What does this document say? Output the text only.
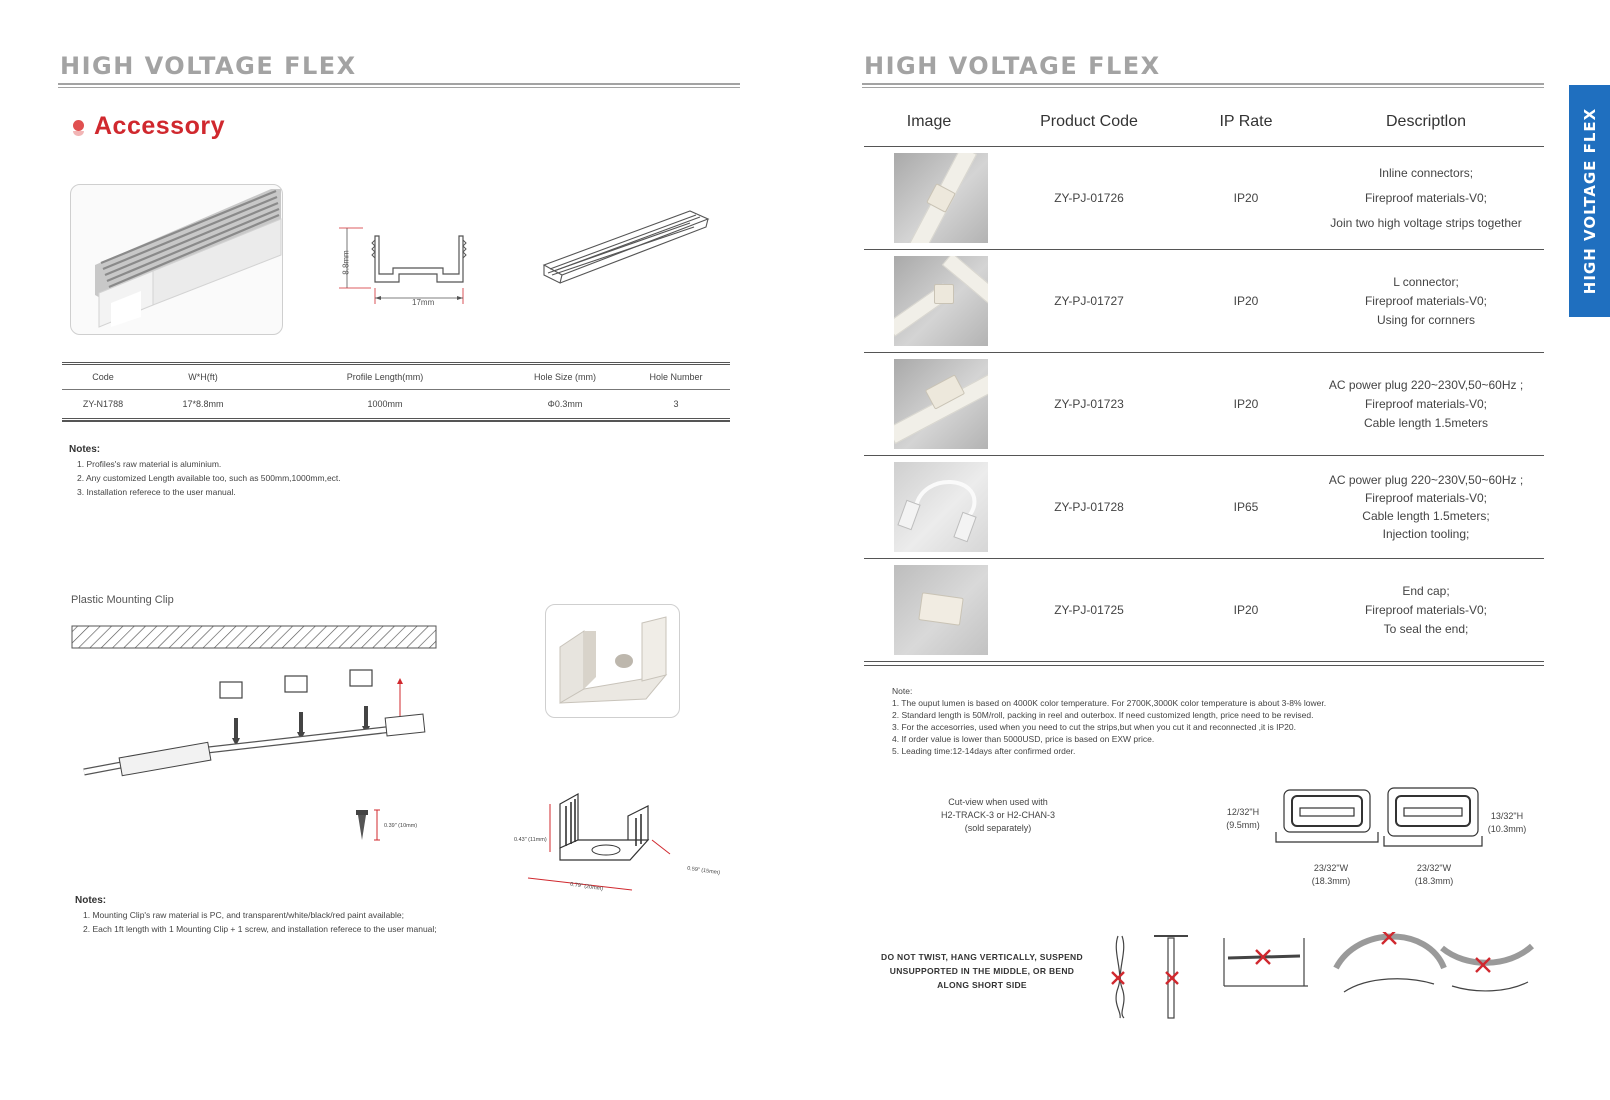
HIGH VOLTAGE FLEX
Accessory
8.8mm
17mm
Code	W*H(ft)	Profile Length(mm)	Hole Size (mm)	Hole Number
ZY-N1788	17*8.8mm	1000mm	Φ0.3mm	3
Notes:
1. Profiles's raw material is aluminium.
2. Any customized Length available too, such as 500mm,1000mm,ect.
3. Installation referece to the user manual.
Plastic Mounting Clip
0.39" (10mm)
0.43" (11mm)
0.79" (20mm)
0.59" (15mm)
Notes:
1. Mounting Clip's raw material is PC, and transparent/white/black/red paint available;
2. Each 1ft length with 1 Mounting Clip + 1 screw, and installation referece to the user manual;
HIGH VOLTAGE FLEX
HIGH VOLTAGE FLEX
Image	Product Code	IP Rate	Descriptlon
ZY-PJ-01726	IP20
Inline connectors;
Fireproof materials-V0;
Join two high voltage strips together
ZY-PJ-01727	IP20
L connector;
Fireproof materials-V0;
Using for cornners
ZY-PJ-01723	IP20
AC power plug 220~230V,50~60Hz ;
Fireproof materials-V0;
Cable length 1.5meters
ZY-PJ-01728	IP65
AC power plug 220~230V,50~60Hz ;
Fireproof materials-V0;
Cable length 1.5meters;
Injection tooling;
ZY-PJ-01725	IP20
End cap;
Fireproof materials-V0;
To seal the end;
Note:
1. The ouput lumen is based on 4000K color temperature. For 2700K,3000K color temperature is about 3-8% lower.
2. Standard length is 50M/roll, packing in reel and outerbox. If need customized length, price need to be revised.
3. For the accesorries, used when you need to cut the strips,but when you cut it and reconnected ,it is IP20.
4. If order value is lower than 5000USD, price is based on EXW price.
5. Leading time:12-14days after confirmed order.
Cut-view when used with
H2-TRACK-3 or H2-CHAN-3
(sold separately)
12/32"H
(9.5mm)
13/32"H
(10.3mm)
23/32"W
(18.3mm)
23/32"W
(18.3mm)
DO NOT TWIST, HANG VERTICALLY, SUSPEND
UNSUPPORTED IN THE MIDDLE, OR BEND
ALONG SHORT SIDE
